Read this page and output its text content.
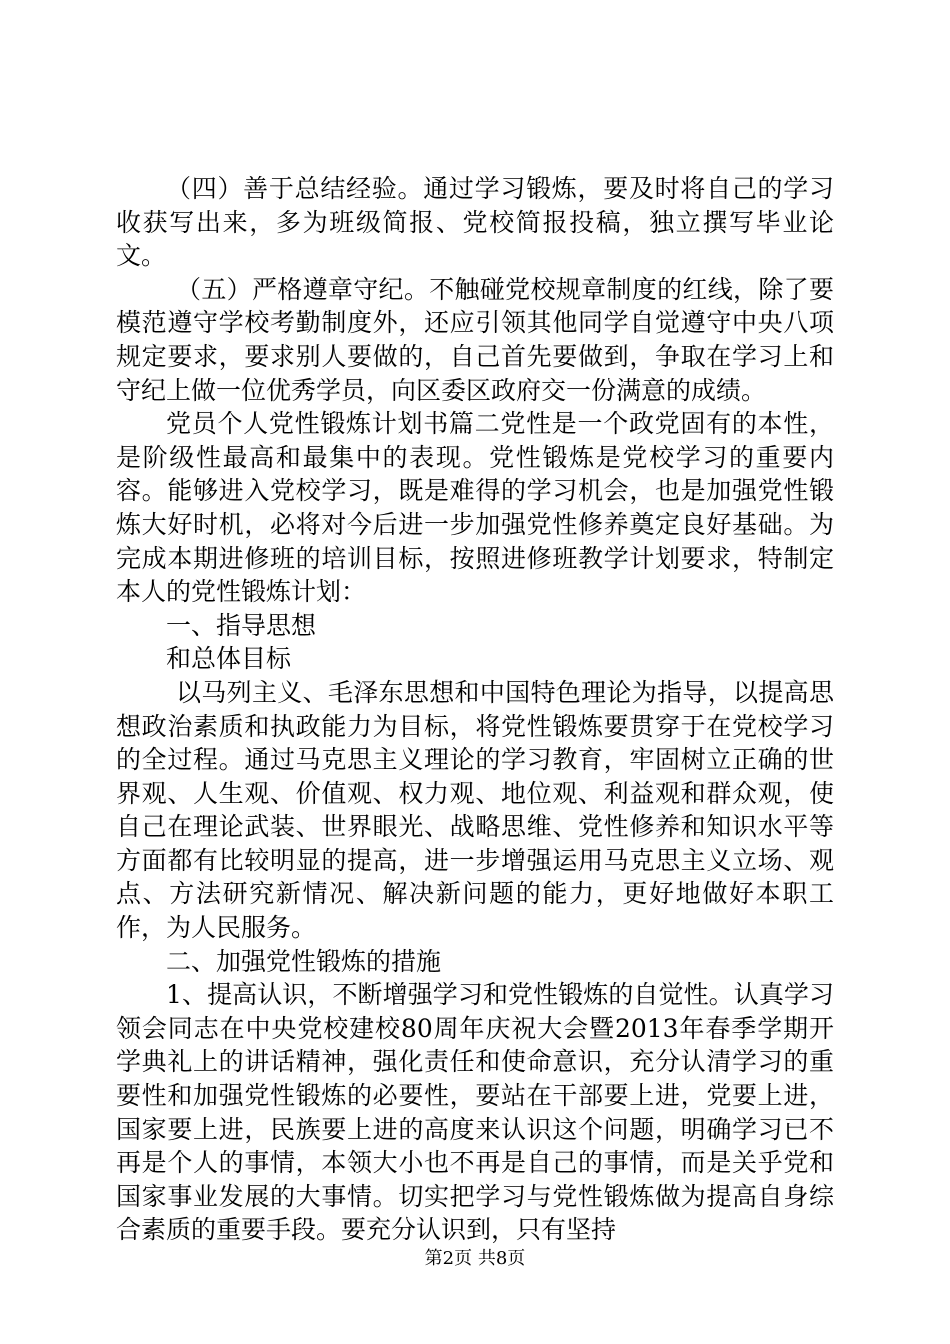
（四）善于总结经验。通过学习锻炼，要及时将自己的学习收获写出来，多为班级简报、党校简报投稿，独立撰写毕业论文。

（五）严格遵章守纪。不触碰党校规章制度的红线，除了要模范遵守学校考勤制度外，还应引领其他同学自觉遵守中央八项规定要求，要求别人要做的，自己首先要做到，争取在学习上和守纪上做一位优秀学员，向区委区政府交一份满意的成绩。

党员个人党性锻炼计划书篇二党性是一个政党固有的本性，是阶级性最高和最集中的表现。党性锻炼是党校学习的重要内容。能够进入党校学习，既是难得的学习机会，也是加强党性锻炼大好时机，必将对今后进一步加强党性修养奠定良好基础。为完成本期进修班的培训目标，按照进修班教学计划要求，特制定本人的党性锻炼计划：

一、指导思想

和总体目标

以马列主义、毛泽东思想和中国特色理论为指导，以提高思想政治素质和执政能力为目标，将党性锻炼要贯穿于在党校学习的全过程。通过马克思主义理论的学习教育，牢固树立正确的世界观、人生观、价值观、权力观、地位观、利益观和群众观，使自己在理论武装、世界眼光、战略思维、党性修养和知识水平等方面都有比较明显的提高，进一步增强运用马克思主义立场、观点、方法研究新情况、解决新问题的能力，更好地做好本职工作，为人民服务。

二、加强党性锻炼的措施

1、提高认识，不断增强学习和党性锻炼的自觉性。认真学习领会同志在中央党校建校80周年庆祝大会暨2013年春季学期开学典礼上的讲话精神，强化责任和使命意识，充分认清学习的重要性和加强党性锻炼的必要性，要站在干部要上进，党要上进，国家要上进，民族要上进的高度来认识这个问题，明确学习已不再是个人的事情，本领大小也不再是自己的事情，而是关乎党和国家事业发展的大事情。切实把学习与党性锻炼做为提高自身综合素质的重要手段。要充分认识到，只有坚持

第2页 共8页
